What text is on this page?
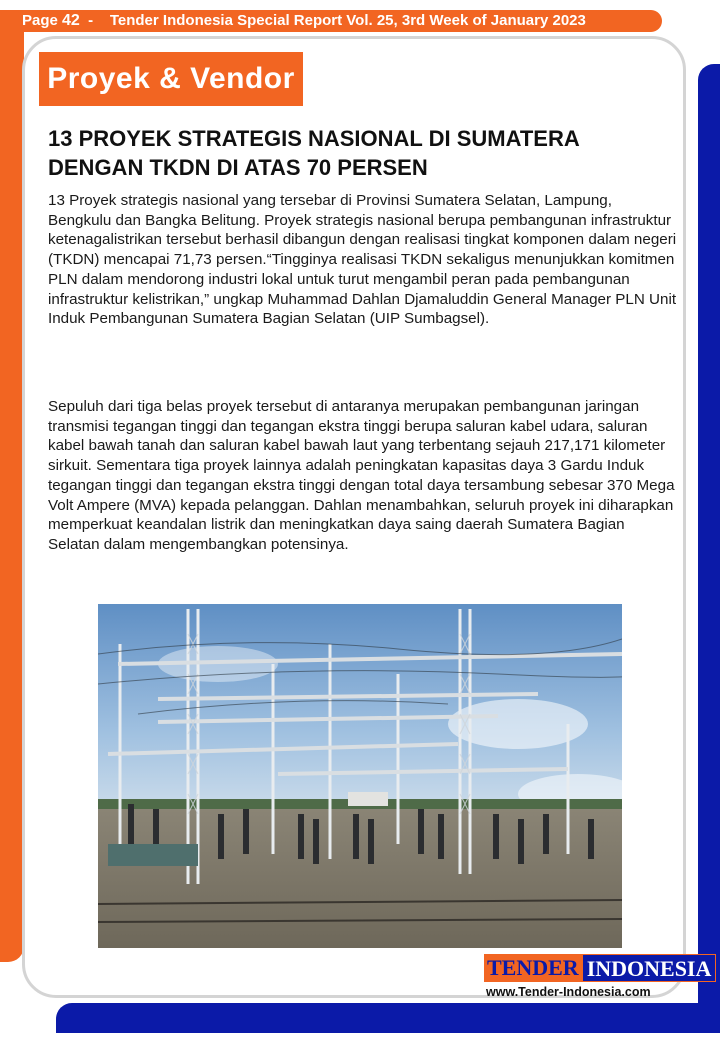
Page 42 - Tender Indonesia Special Report Vol. 25, 3rd Week of January 2023
Proyek & Vendor
13 PROYEK STRATEGIS NASIONAL DI SUMATERA
DENGAN TKDN DI ATAS 70 PERSEN

13 Proyek strategis nasional yang tersebar di Provinsi Sumatera Selatan, Lampung, Bengkulu dan Bangka Belitung. Proyek strategis nasional berupa pembangunan infrastruktur ketenagalistrikan tersebut berhasil dibangun dengan realisasi tingkat komponen dalam negeri (TKDN) mencapai 71,73 persen.“Tingginya realisasi TKDN sekaligus menunjukkan komitmen PLN dalam mendorong industri lokal untuk turut mengambil peran pada pembangunan infrastruktur kelistrikan,” ungkap Muhammad Dahlan Djamaluddin General Manager PLN Unit Induk Pembangunan Sumatera Bagian Selatan (UIP Sumbagsel).

Sepuluh dari tiga belas proyek tersebut di antaranya merupakan pembangunan jaringan transmisi tegangan tinggi dan tegangan ekstra tinggi berupa saluran kabel udara, saluran kabel bawah tanah dan saluran kabel bawah laut yang terbentang sejauh 217,171 kilometer sirkuit. Sementara tiga proyek lainnya adalah peningkatan kapasitas daya 3 Gardu Induk tegangan tinggi dan tegangan ekstra tinggi dengan total daya tersambung sebesar 370 Mega Volt Ampere (MVA) kepada pelanggan. Dahlan menambahkan, seluruh proyek ini diharapkan memperkuat keandalan listrik dan meningkatkan daya saing daerah Sumatera Bagian Selatan dalam mengembangkan potensinya.

TENDER INDONESIA
www.Tender-Indonesia.com
